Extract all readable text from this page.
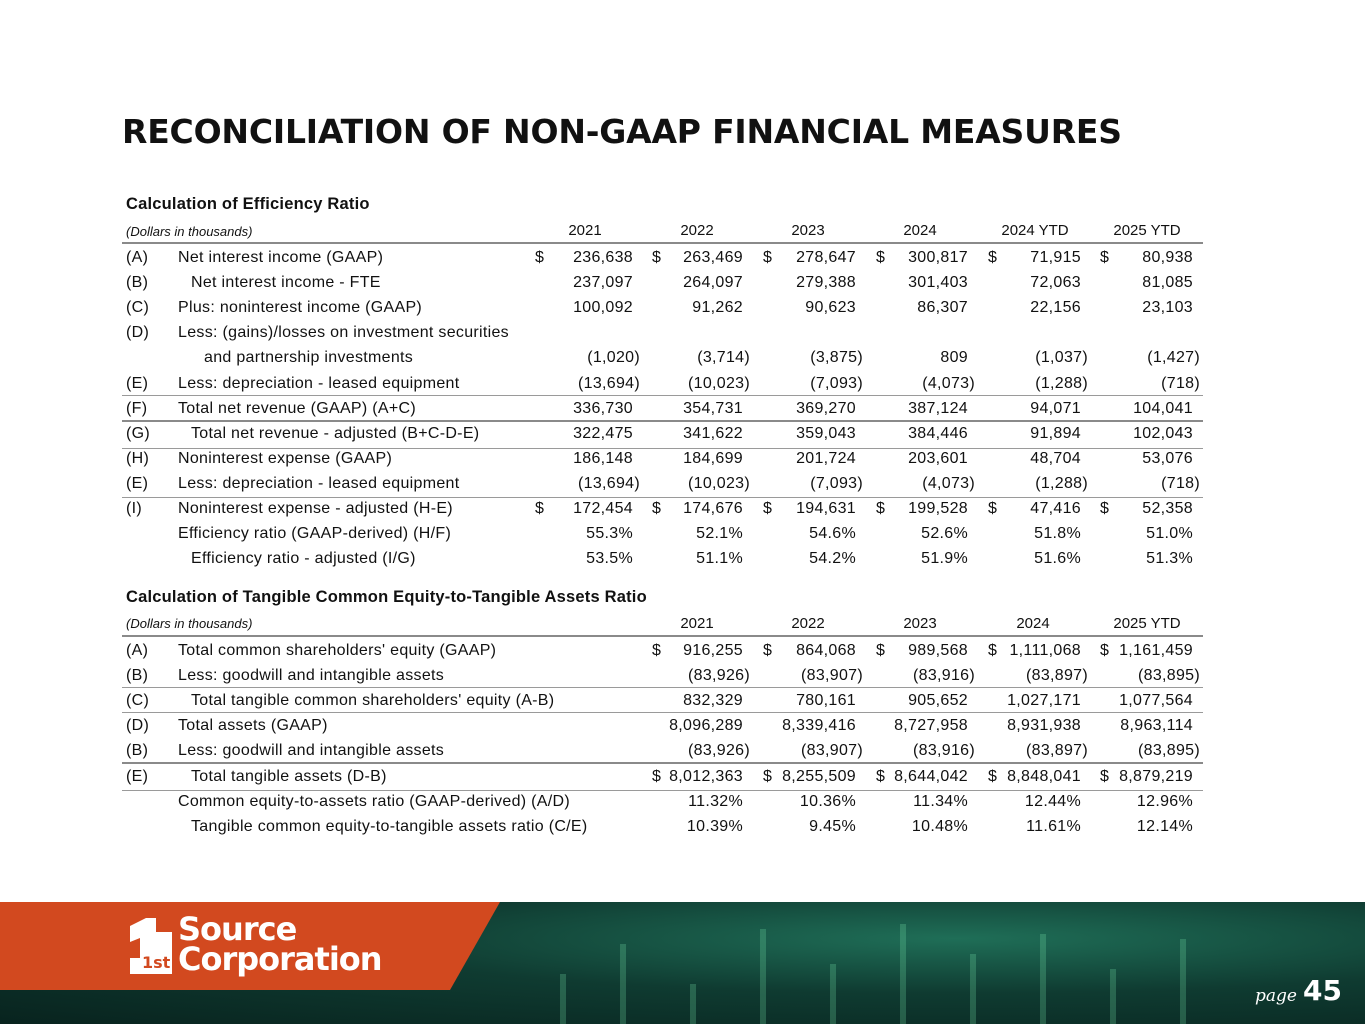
RECONCILIATION OF NON-GAAP FINANCIAL MEASURES
Calculation of Efficiency Ratio
(Dollars in thousands)	2021	2022	2023	2024	2024 YTD	2025 YTD
(A) Net interest income (GAAP)	$ 236,638 $ 263,469 $ 278,647 $ 300,817 $ 71,915 $ 80,938
(B)	Net interest income - FTE	237,097	264,097	279,388	301,403	72,063	81,085
(C) Plus: noninterest income (GAAP)	100,092	91,262	90,623	86,307	22,156	23,103
(D) Less: (gains)/losses on investment securities
and partnership investments	(1,020)	(3,714)	(3,875)	809	(1,037)	(1,427)
(E) Less: depreciation - leased equipment	(13,694)	(10,023)	(7,093)	(4,073)	(1,288)	(718)
(F) Total net revenue (GAAP) (A+C)	336,730	354,731	369,270	387,124	94,071	104,041
(G)	Total net revenue - adjusted (B+C-D-E)	322,475	341,622	359,043	384,446	91,894	102,043
(H) Noninterest expense (GAAP)	186,148	184,699	201,724	203,601	48,704	53,076
(E) Less: depreciation - leased equipment	(13,694)	(10,023)	(7,093)	(4,073)	(1,288)	(718)
(I) Noninterest expense - adjusted (H-E)	$ 172,454 $ 174,676 $ 194,631 $ 199,528 $ 47,416 $ 52,358
Efficiency ratio (GAAP-derived) (H/F)	55.3%	52.1%	54.6%	52.6%	51.8%	51.0%
Efficiency ratio - adjusted (I/G)	53.5%	51.1%	54.2%	51.9%	51.6%	51.3%
Calculation of Tangible Common Equity-to-Tangible Assets Ratio
(Dollars in thousands)	2021	2022	2023	2024	2025 YTD
(A) Total common shareholders' equity (GAAP)	$ 916,255 $ 864,068 $ 989,568 $ 1,111,068 $ 1,161,459
(B) Less: goodwill and intangible assets	(83,926)	(83,907)	(83,916)	(83,897)	(83,895)
(C)	Total tangible common shareholders' equity (A-B)	832,329	780,161	905,652 1,027,171 1,077,564
(D) Total assets (GAAP)	8,096,289 8,339,416 8,727,958 8,931,938 8,963,114
(B) Less: goodwill and intangible assets	(83,926)	(83,907)	(83,916)	(83,897)	(83,895)
(E)	Total tangible assets (D-B)	$ 8,012,363 $ 8,255,509 $ 8,644,042 $ 8,848,041 $ 8,879,219
Common equity-to-assets ratio (GAAP-derived) (A/D)	11.32%	10.36%	11.34%	12.44%	12.96%
Tangible common equity-to-tangible assets ratio (C/E)	10.39%	9.45%	10.48%	11.61%	12.14%
1st
Source
Corporation
page 45
